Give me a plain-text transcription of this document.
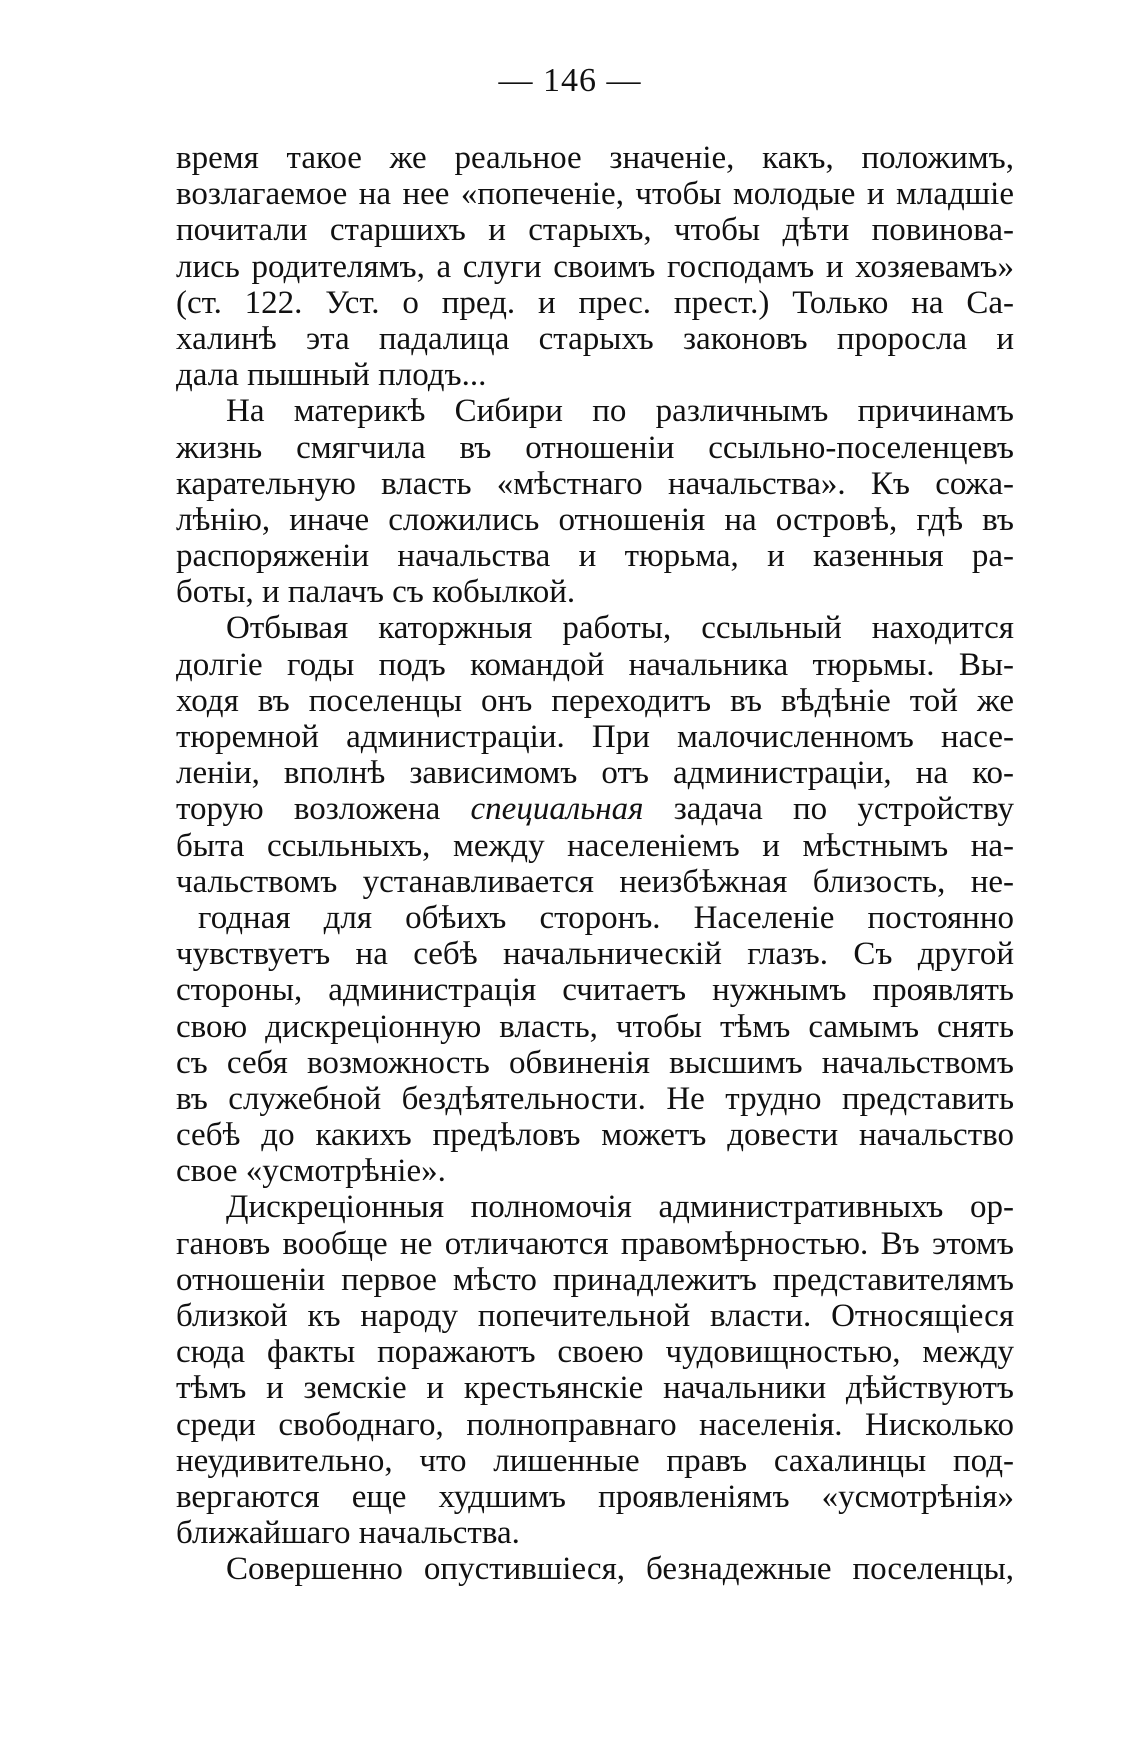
— 146 —
время такое же реальное значеніе, какъ, положимъ,
возлагаемое на нее «попеченіе, чтобы молодые и младшіе
почитали старшихъ и старыхъ, чтобы дѣти повинова-
лись родителямъ, а слуги своимъ господамъ и хозяевамъ»
(ст. 122. Уст. о пред. и прес. прест.) Только на Са-
халинѣ эта падалица старыхъ законовъ проросла и
дала пышный плодъ...
На материкѣ Сибири по различнымъ причинамъ
жизнь смягчила въ отношеніи ссыльно-поселенцевъ
карательную власть «мѣстнаго начальства». Къ сожа-
лѣнію, иначе сложились отношенія на островѣ, гдѣ въ
распоряженіи начальства и тюрьма, и казенныя ра-
боты, и палачъ съ кобылкой.
Отбывая каторжныя работы, ссыльный находится
долгіе годы подъ командой начальника тюрьмы. Вы-
ходя въ поселенцы онъ переходитъ въ вѣдѣніе той же
тюремной администраціи. При малочисленномъ насе-
леніи, вполнѣ зависимомъ отъ администраціи, на ко-
торую возложена специальная задача по устройству
быта ссыльныхъ, между населеніемъ и мѣстнымъ на-
чальствомъ устанавливается неизбѣжная близость, не-
годная для обѣихъ сторонъ. Населеніе постоянно
чувствуетъ на себѣ начальническій глазъ. Съ другой
стороны, администрація считаетъ нужнымъ проявлять
свою дискреціонную власть, чтобы тѣмъ самымъ снять
съ себя возможность обвиненія высшимъ начальствомъ
въ служебной бездѣятельности. Не трудно представить
себѣ до какихъ предѣловъ можетъ довести начальство
свое «усмотрѣніе».
Дискреціонныя полномочія административныхъ ор-
гановъ вообще не отличаются правомѣрностью. Въ этомъ
отношеніи первое мѣсто принадлежитъ представителямъ
близкой къ народу попечительной власти. Относящіеся
сюда факты поражаютъ своею чудовищностью, между
тѣмъ и земскіе и крестьянскіе начальники дѣйствуютъ
среди свободнаго, полноправнаго населенія. Нисколько
неудивительно, что лишенные правъ сахалинцы под-
вергаются еще худшимъ проявленіямъ «усмотрѣнія»
ближайшаго начальства.
Совершенно опустившіеся, безнадежные поселенцы,
